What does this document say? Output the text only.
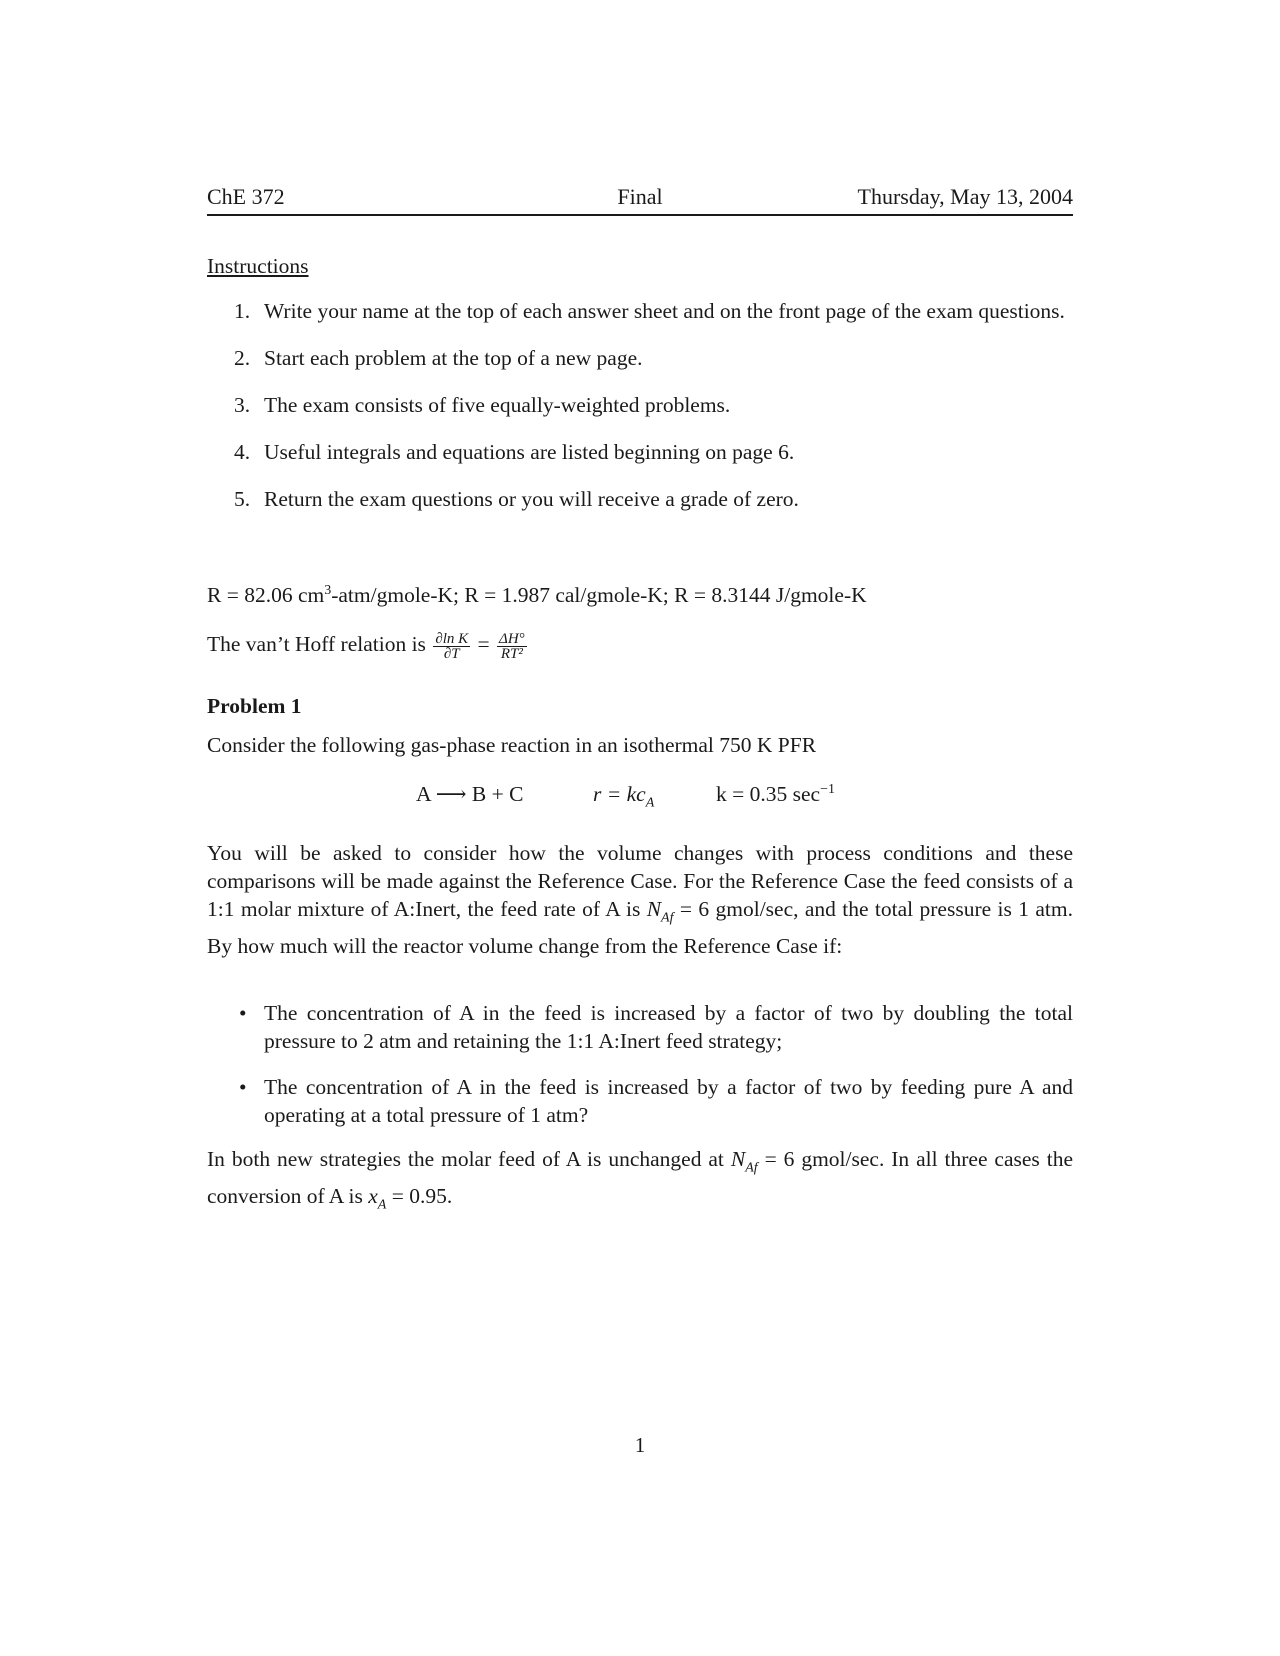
ChE 372	Final	Thursday, May 13, 2004
Instructions
1. Write your name at the top of each answer sheet and on the front page of the exam questions.
2. Start each problem at the top of a new page.
3. The exam consists of five equally-weighted problems.
4. Useful integrals and equations are listed beginning on page 6.
5. Return the exam questions or you will receive a grade of zero.
R = 82.06 $cm^3-atm/gmole-K$; R = 1.987 cal/gmole-K; R = 8.3144 J/gmole-K
The van’t Hoff relation is $\frac{\text{∂ln K}}{\partial T} = \frac{\Delta H^\circ}{\text{RT²}}$
Problem 1
Consider the following gas-phase reaction in an isothermal 750 K PFR
A ⟶ B + C	$r = kc_A$	k = 0.35 $\sec^{-1}$
You will be asked to consider how the volume changes with process conditions and these comparisons will be made against the Reference Case. For the Reference Case the feed consists of a 1:1 molar mixture of A:Inert, the feed rate of A is $N_{Af} = 6$ gmol/sec, and the total pressure is 1 atm. By how much will the reactor volume change from the Reference Case if:
• The concentration of A in the feed is increased by a factor of two by doubling the total pressure to 2 atm and retaining the 1:1 A:Inert feed strategy;
• The concentration of A in the feed is increased by a factor of two by feeding pure A and operating at a total pressure of 1 atm?
In both new strategies the molar feed of A is unchanged at $N_{Af} = 6$ gmol/sec. In all three cases the conversion of A is $x_A = 0.95$.
1
